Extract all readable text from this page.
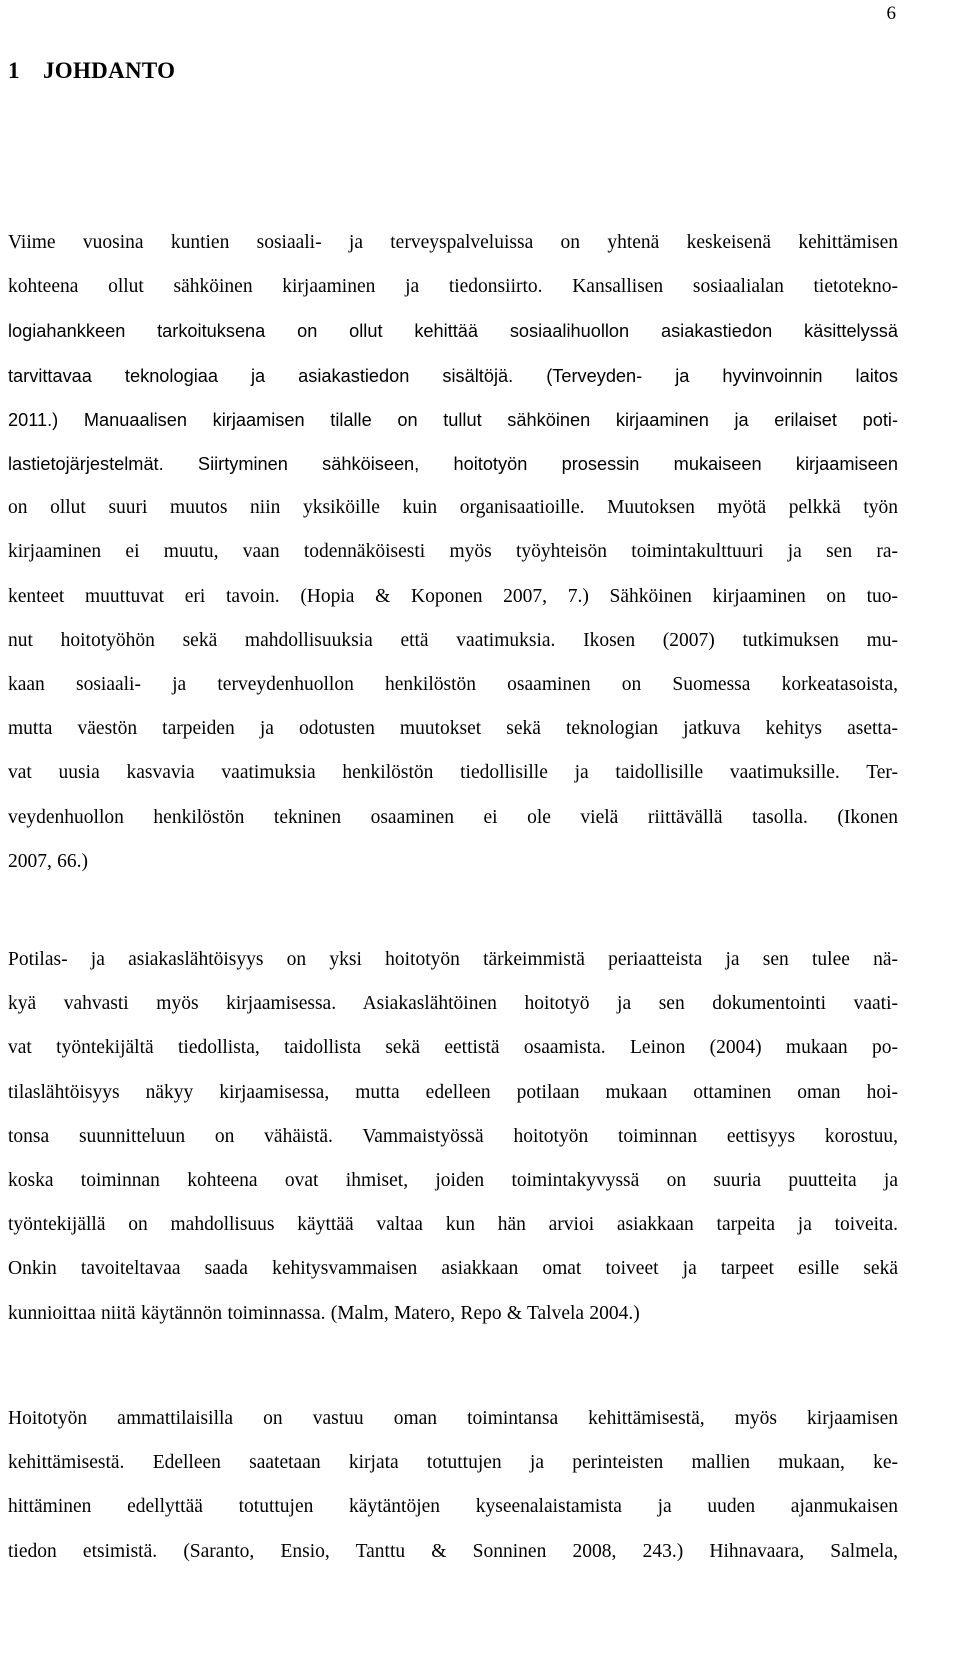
6
1 JOHDANTO
Viime vuosina kuntien sosiaali- ja terveyspalveluissa on yhtenä keskeisenä kehittämisen
kohteena ollut sähköinen kirjaaminen ja tiedonsiirto. Kansallisen sosiaalialan tietotekno-
logiahankkeen tarkoituksena on ollut kehittää sosiaalihuollon asiakastiedon käsittelyssä
tarvittavaa teknologiaa ja asiakastiedon sisältöjä. (Terveyden- ja hyvinvoinnin laitos
2011.) Manuaalisen kirjaamisen tilalle on tullut sähköinen kirjaaminen ja erilaiset poti-
lastietojärjestelmät. Siirtyminen sähköiseen, hoitotyön prosessin mukaiseen kirjaamiseen
on ollut suuri muutos niin yksiköille kuin organisaatioille. Muutoksen myötä pelkkä työn
kirjaaminen ei muutu, vaan todennäköisesti myös työyhteisön toimintakulttuuri ja sen ra-
kenteet muuttuvat eri tavoin. (Hopia & Koponen 2007, 7.) Sähköinen kirjaaminen on tuo-
nut hoitotyöhön sekä mahdollisuuksia että vaatimuksia. Ikosen (2007) tutkimuksen mu-
kaan sosiaali- ja terveydenhuollon henkilöstön osaaminen on Suomessa korkeatasoista,
mutta väestön tarpeiden ja odotusten muutokset sekä teknologian jatkuva kehitys asetta-
vat uusia kasvavia vaatimuksia henkilöstön tiedollisille ja taidollisille vaatimuksille. Ter-
veydenhuollon henkilöstön tekninen osaaminen ei ole vielä riittävällä tasolla. (Ikonen
2007, 66.)
Potilas- ja asiakaslähtöisyys on yksi hoitotyön tärkeimmistä periaatteista ja sen tulee nä-
kyä vahvasti myös kirjaamisessa. Asiakaslähtöinen hoitotyö ja sen dokumentointi vaati-
vat työntekijältä tiedollista, taidollista sekä eettistä osaamista. Leinon (2004) mukaan po-
tilaslähtöisyys näkyy kirjaamisessa, mutta edelleen potilaan mukaan ottaminen oman hoi-
tonsa suunnitteluun on vähäistä. Vammaistyössä hoitotyön toiminnan eettisyys korostuu,
koska toiminnan kohteena ovat ihmiset, joiden toimintakyvyssä on suuria puutteita ja
työntekijällä on mahdollisuus käyttää valtaa kun hän arvioi asiakkaan tarpeita ja toiveita.
Onkin tavoiteltavaa saada kehitysvammaisen asiakkaan omat toiveet ja tarpeet esille sekä
kunnioittaa niitä käytännön toiminnassa. (Malm, Matero, Repo & Talvela 2004.)
Hoitotyön ammattilaisilla on vastuu oman toimintansa kehittämisestä, myös kirjaamisen
kehittämisestä. Edelleen saatetaan kirjata totuttujen ja perinteisten mallien mukaan, ke-
hittäminen edellyttää totuttujen käytäntöjen kyseenalaistamista ja uuden ajanmukaisen
tiedon etsimistä. (Saranto, Ensio, Tanttu & Sonninen 2008, 243.) Hihnavaara, Salmela,
